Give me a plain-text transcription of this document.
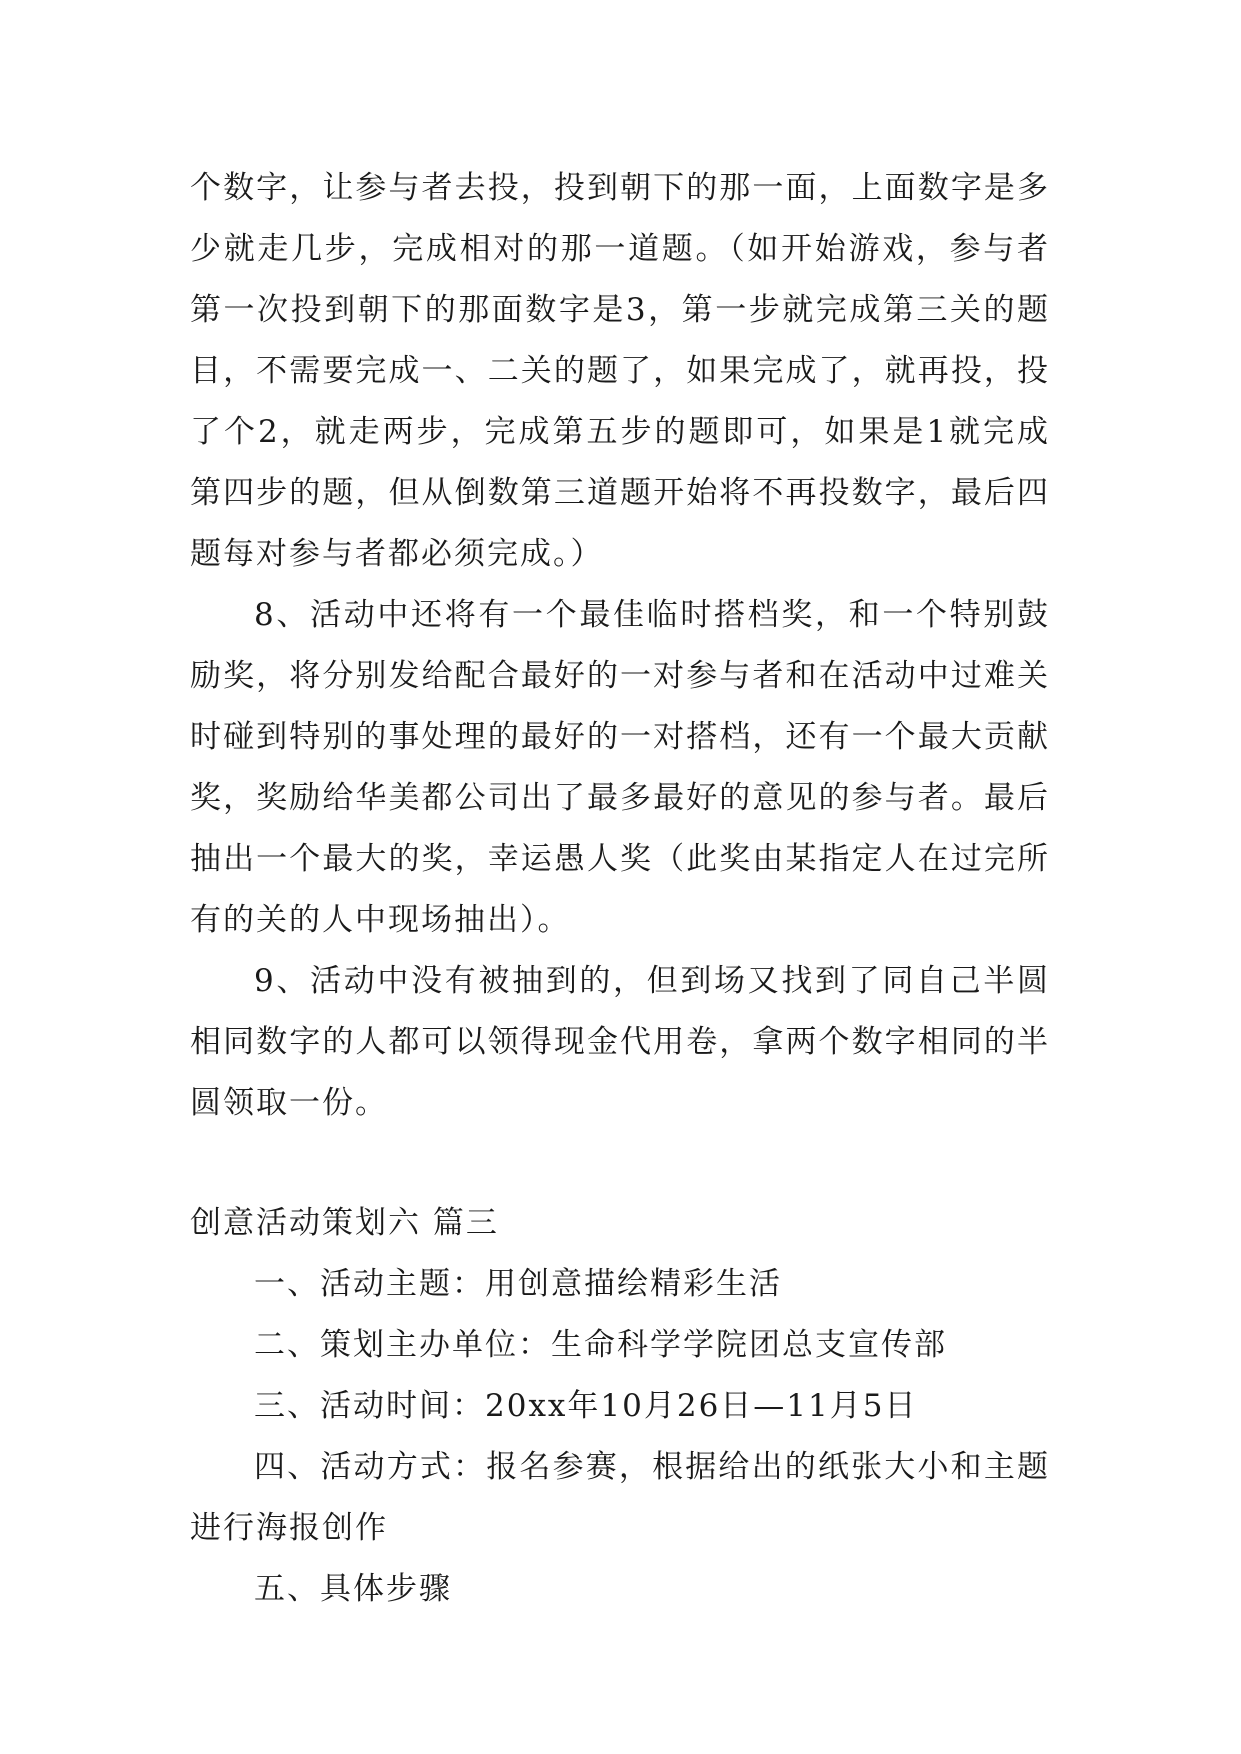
个数字，让参与者去投，投到朝下的那一面，上面数字是多少就走几步，完成相对的那一道题。（如开始游戏，参与者第一次投到朝下的那面数字是3，第一步就完成第三关的题目，不需要完成一、二关的题了，如果完成了，就再投，投了个2，就走两步，完成第五步的题即可，如果是1就完成第四步的题，但从倒数第三道题开始将不再投数字，最后四题每对参与者都必须完成。）

8、活动中还将有一个最佳临时搭档奖，和一个特别鼓励奖，将分别发给配合最好的一对参与者和在活动中过难关时碰到特别的事处理的最好的一对搭档，还有一个最大贡献奖，奖励给华美都公司出了最多最好的意见的参与者。最后抽出一个最大的奖，幸运愚人奖（此奖由某指定人在过完所有的关的人中现场抽出）。

9、活动中没有被抽到的，但到场又找到了同自己半圆相同数字的人都可以领得现金代用卷，拿两个数字相同的半圆领取一份。

创意活动策划六 篇三

一、活动主题：用创意描绘精彩生活

二、策划主办单位：生命科学学院团总支宣传部

三、活动时间：20xx年10月26日—11月5日

四、活动方式：报名参赛，根据给出的纸张大小和主题进行海报创作

五、具体步骤
